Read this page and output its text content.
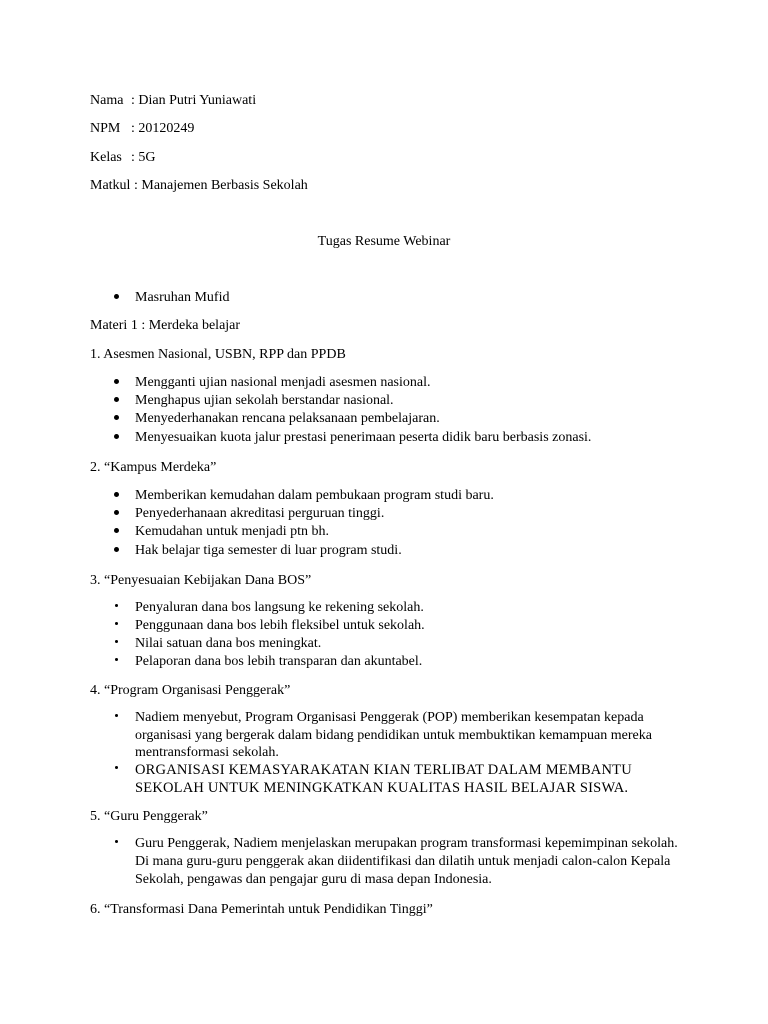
Nama : Dian Putri Yuniawati
NPM : 20120249
Kelas : 5G
Matkul : Manajemen Berbasis Sekolah
Tugas Resume Webinar
Masruhan Mufid
Materi 1 : Merdeka belajar
1. Asesmen Nasional, USBN, RPP dan PPDB
Mengganti ujian nasional menjadi asesmen nasional.
Menghapus ujian sekolah berstandar nasional.
Menyederhanakan rencana pelaksanaan pembelajaran.
Menyesuaikan kuota jalur prestasi penerimaan peserta didik baru berbasis zonasi.
2. “Kampus Merdeka”
Memberikan kemudahan dalam pembukaan program studi baru.
Penyederhanaan akreditasi perguruan tinggi.
Kemudahan untuk menjadi ptn bh.
Hak belajar tiga semester di luar program studi.
3. “Penyesuaian Kebijakan Dana BOS”
Penyaluran dana bos langsung ke rekening sekolah.
Penggunaan dana bos lebih fleksibel untuk sekolah.
Nilai satuan dana bos meningkat.
Pelaporan dana bos lebih transparan dan akuntabel.
4. “Program Organisasi Penggerak”
Nadiem menyebut, Program Organisasi Penggerak (POP) memberikan kesempatan kepada
organisasi yang bergerak dalam bidang pendidikan untuk membuktikan kemampuan mereka
mentransformasi sekolah.
ORGANISASI KEMASYARAKATAN KIAN TERLIBAT DALAM MEMBANTU
SEKOLAH UNTUK MENINGKATKAN KUALITAS HASIL BELAJAR SISWA.
5. “Guru Penggerak”
Guru Penggerak, Nadiem menjelaskan merupakan program transformasi kepemimpinan sekolah.
Di mana guru-guru penggerak akan diidentifikasi dan dilatih untuk menjadi calon-calon Kepala
Sekolah, pengawas dan pengajar guru di masa depan Indonesia.
6. “Transformasi Dana Pemerintah untuk Pendidikan Tinggi”
